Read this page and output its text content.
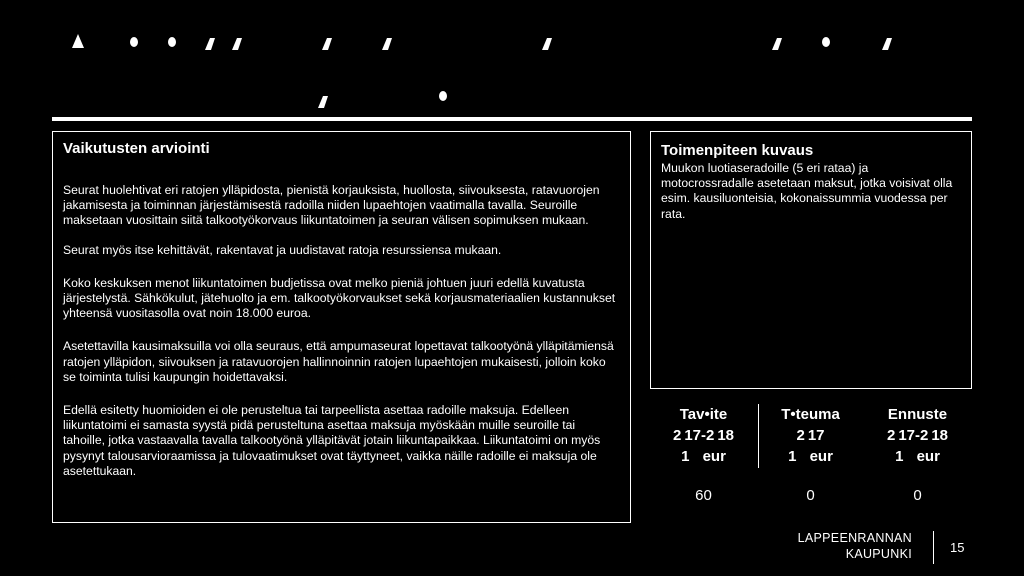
Vaikutusten arviointi

Seurat huolehtivat eri ratojen ylläpidosta, pienistä korjauksista, huollosta, siivouksesta, ratavuorojen jakamisesta ja toiminnan järjestämisestä radoilla niiden lupaehtojen vaatimalla tavalla. Seuroille maksetaan vuosittain siitä talkootyökorvaus liikuntatoimen ja seuran välisen sopimuksen mukaan.

Seurat myös itse kehittävät, rakentavat ja uudistavat ratoja resurssiensa mukaan.

Koko keskuksen menot liikuntatoimen budjetissa ovat melko pieniä johtuen juuri edellä kuvatusta järjestelystä. Sähkökulut, jätehuolto ja em. talkootyökorvaukset sekä korjausmateriaalien kustannukset yhteensä vuositasolla ovat noin 18.000 euroa.

Asetettavilla kausimaksuilla voi olla seuraus, että ampumaseurat lopettavat talkootyönä ylläpitämiensä ratojen ylläpidon, siivouksen ja ratavuorojen hallinnoinnin ratojen lupaehtojen mukaisesti, jolloin koko se toiminta tulisi kaupungin hoidettavaksi.

Edellä esitetty huomioiden ei ole perusteltua tai tarpeellista asettaa radoille maksuja. Edelleen liikuntatoimi ei samasta syystä pidä perusteltuna asettaa maksuja myöskään muille seuroille tai tahoille, jotka vastaavalla tavalla talkootyönä ylläpitävät jotain liikuntapaikkaa. Liikuntatoimi on myös pysynyt talousarvioraamissa ja tulovaatimukset ovat täyttyneet, vaikka näille radoille ei maksuja ole asetettukaan.

Toimenpiteen kuvaus

Muukon luotiaseradoille (5 eri rataa) ja motocrossradalle asetetaan maksut, jotka voisivat olla esim. kausiluonteisia, kokonaissummia vuodessa per rata.

Tav•ite
2 17-2 18
1    eur
60
T•teuma
2 17
1    eur
0
Ennuste
2 17-2 18
1    eur
0
LAPPEENRANNAN
KAUPUNKI	15
